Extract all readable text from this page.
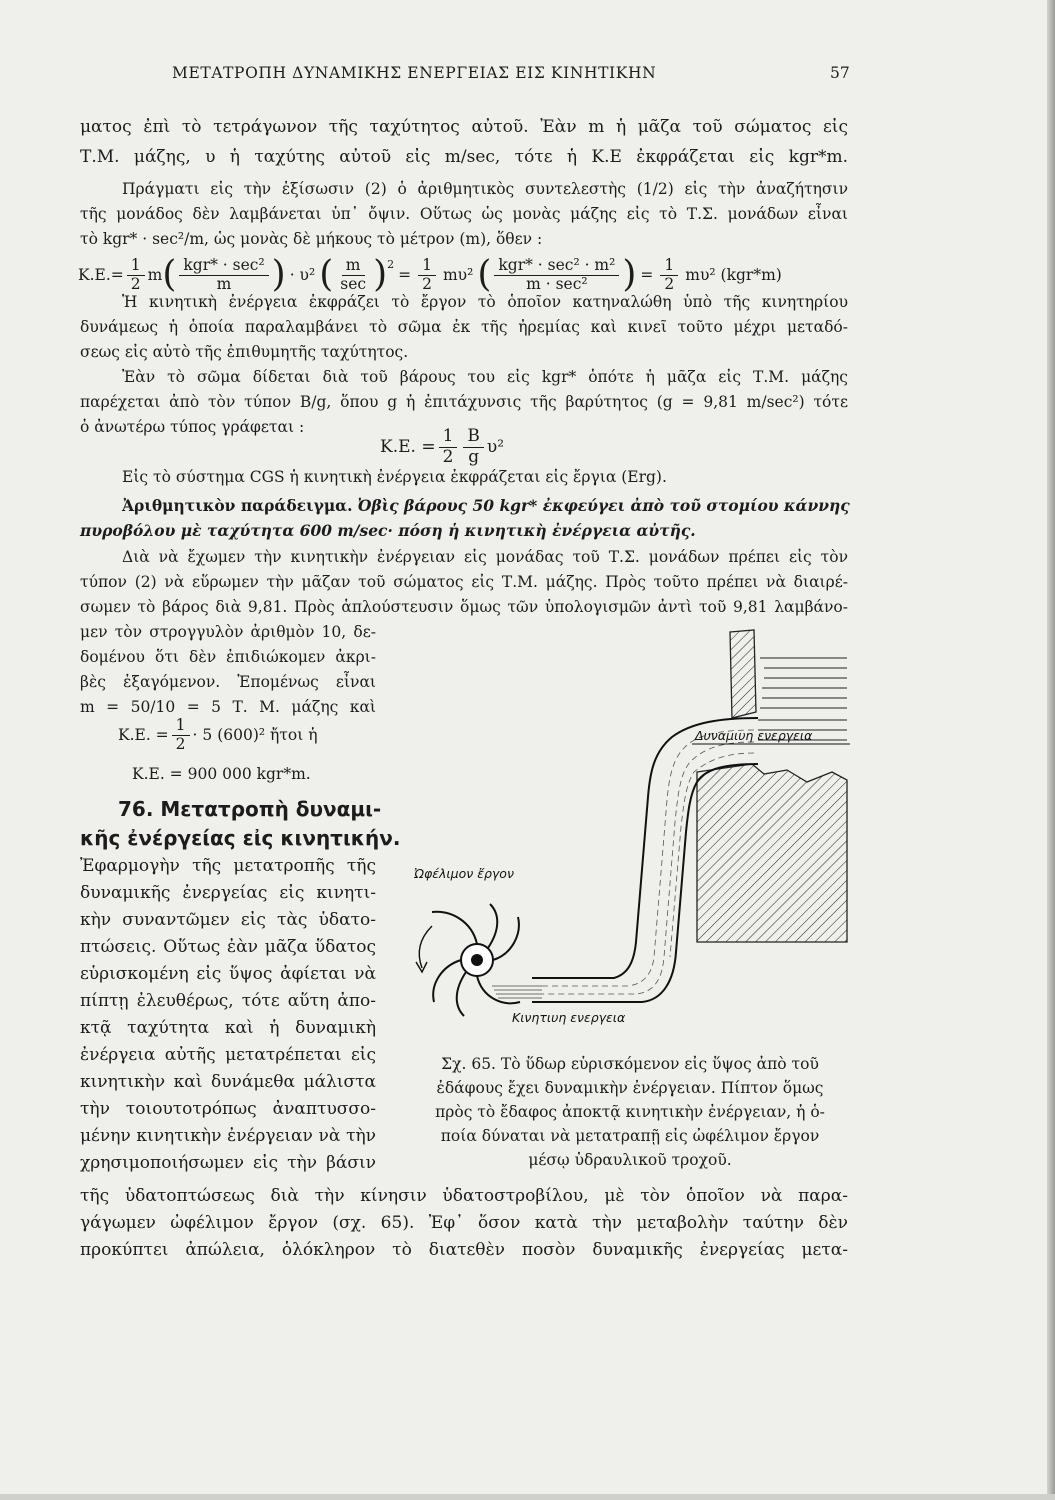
ΜΕΤΑΤΡΟΠΗ ΔΥΝΑΜΙΚΗΣ ΕΝΕΡΓΕΙΑΣ ΕΙΣ ΚΙΝΗΤΙΚΗΝ	57
ματος ἐπὶ τὸ τετράγωνον τῆς ταχύτητος αὐτοῦ. Ἐὰν m ἡ μᾶζα τοῦ σώματος εἰς
Τ.Μ. μάζης, υ ἡ ταχύτης αὐτοῦ εἰς m/sec, τότε ἡ Κ.Ε ἐκφράζεται εἰς kgr*m.
Πράγματι εἰς τὴν ἐξίσωσιν (2) ὁ ἀριθμητικὸς συντελεστὴς (1/2) εἰς τὴν ἀναζήτησιν
τῆς μονάδος δὲν λαμβάνεται ὑπ᾿ ὄψιν. Οὕτως ὡς μονὰς μάζης εἰς τὸ Τ.Σ. μονάδων εἶναι
τὸ kgr* · sec²/m, ὡς μονὰς δὲ μήκους τὸ μέτρον (m), ὅθεν :
$K.E.= \frac{1}{2}$ m ( $\frac{\text{kgr* · sec²}}{m}$ ) · υ² ( $\frac{m}{\sec}$ ) 2
= $\frac{1}{2} m\upsilon^2$ ( $\frac{\text{kgr* · sec² · m²}}{\text{m · sec²}}$ ) = $\frac{1}{2} m\upsilon^2$ (kgr*m)
Ἡ κινητικὴ ἐνέργεια ἐκφράζει τὸ ἔργον τὸ ὁποῖον κατηναλώθη ὑπὸ τῆς κινητηρίου
δυνάμεως ἡ ὁποία παραλαμβάνει τὸ σῶμα ἐκ τῆς ἠρεμίας καὶ κινεῖ τοῦτο μέχρι μεταδό-
σεως εἰς αὐτὸ τῆς ἐπιθυμητῆς ταχύτητος.
Ἐὰν τὸ σῶμα δίδεται διὰ τοῦ βάρους του εἰς kgr* ὁπότε ἡ μᾶζα εἰς Τ.Μ. μάζης
παρέχεται ἀπὸ τὸν τύπον B/g, ὅπου g ἡ ἐπιτάχυνσις τῆς βαρύτητος (g = 9,81 m/sec²) τότε
ὁ ἀνωτέρω τύπος γράφεται :
Κ.Ε. = $\frac{1}{2} \frac{B}{g} \upsilon^2$
Εἰς τὸ σύστημα CGS ἡ κινητικὴ ἐνέργεια ἐκφράζεται εἰς ἔργια (Erg).
Ἀριθμητικὸν παράδειγμα. Ὀβὶς βάρους 50 kgr* ἐκφεύγει ἀπὸ τοῦ στομίου κάννης
πυροβόλου μὲ ταχύτητα 600 m/sec· πόση ἡ κινητικὴ ἐνέργεια αὐτῆς.
Διὰ νὰ ἔχωμεν τὴν κινητικὴν ἐνέργειαν εἰς μονάδας τοῦ Τ.Σ. μονάδων πρέπει εἰς τὸν
τύπον (2) νὰ εὕρωμεν τὴν μᾶζαν τοῦ σώματος εἰς Τ.Μ. μάζης. Πρὸς τοῦτο πρέπει νὰ διαιρέ-
σωμεν τὸ βάρος διὰ 9,81. Πρὸς ἁπλούστευσιν ὅμως τῶν ὑπολογισμῶν ἀντὶ τοῦ 9,81 λαμβάνο-
μεν τὸν στρογγυλὸν ἀριθμὸν 10, δε-
δομένου ὅτι δὲν ἐπιδιώκομεν ἀκρι-
βὲς ἐξαγόμενον. Ἑπομένως εἶναι
m = 50/10 = 5 Τ. Μ. μάζης καὶ
Κ.Ε. = $\frac{1}{2} \cdot 5$ (600)² ἤτοι ἡ
Κ.Ε. = 900 000 kgr*m.
76. Μετατροπὴ δυναμι-
κῆς ἐνέργείας εἰς κινητικήν.
Ἐφαρμογὴν τῆς μετατροπῆς τῆς
δυναμικῆς ἐνεργείας εἰς κινητι-
κὴν συναντῶμεν εἰς τὰς ὑδατο-
πτώσεις. Οὕτως ἐὰν μᾶζα ὕδατος
εὑρισκομένη εἰς ὕψος ἀφίεται νὰ
πίπτῃ ἐλευθέρως, τότε αὕτη ἀπο-
κτᾷ ταχύτητα καὶ ἡ δυναμικὴ
ἐνέργεια αὐτῆς μετατρέπεται εἰς
κινητικὴν καὶ δυνάμεθα μάλιστα
τὴν τοιουτοτρόπως ἀναπτυσσο-
μένην κινητικὴν ἐνέργειαν νὰ τὴν
χρησιμοποιήσωμεν εἰς τὴν βάσιν
τῆς ὑδατοπτώσεως διὰ τὴν κίνησιν ὑδατοστροβίλου, μὲ τὸν ὁποῖον νὰ παρα-
γάγωμεν ὠφέλιμον ἔργον (σχ. 65). Ἐφ᾿ ὅσον κατὰ τὴν μεταβολὴν ταύτην δὲν
προκύπτει ἀπώλεια, ὁλόκληρον τὸ διατεθὲν ποσὸν δυναμικῆς ἐνεργείας μετα-
Δυναμιυη ενεργεια
Ὠφέλιμον ἔργον
Κινητιυη ενεργεια
Σχ. 65. Τὸ ὕδωρ εὑρισκόμενον εἰς ὕψος ἀπὸ τοῦ
ἐδάφους ἔχει δυναμικὴν ἐνέργειαν. Πίπτον ὅμως
πρὸς τὸ ἔδαφος ἀποκτᾷ κινητικὴν ἐνέργειαν, ἡ ὁ-
ποία δύναται νὰ μετατραπῇ εἰς ὠφέλιμον ἔργον
μέσῳ ὑδραυλικοῦ τροχοῦ.
